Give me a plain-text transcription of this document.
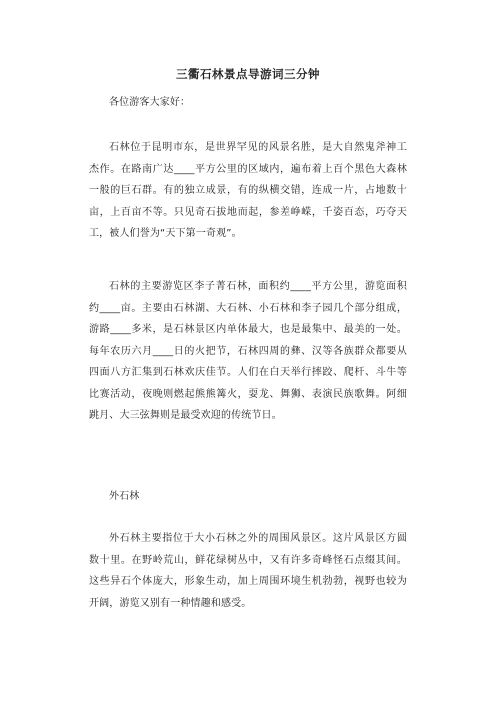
三衢石林景点导游词三分钟
各位游客大家好：
石林位于昆明市东，是世界罕见的风景名胜，是大自然鬼斧神工
杰作。在路南广达____平方公里的区域内，遍布着上百个黑色大森林
一般的巨石群。有的独立成景，有的纵横交错，连成一片，占地数十
亩，上百亩不等。只见奇石拔地而起，参差峥嵘，千姿百态，巧夺天
工，被人们誉为“天下第一奇观”。
石林的主要游览区李子菁石林，面积约____平方公里，游览面积
约____亩。主要由石林湖、大石林、小石林和李子园几个部分组成，
游路____多米，是石林景区内单体最大，也是最集中、最美的一处。
每年农历六月____日的火把节，石林四周的彝、汉等各族群众都要从
四面八方汇集到石林欢庆佳节。人们在白天举行摔跤、爬杆、斗牛等
比赛活动，夜晚则燃起熊熊篝火，耍龙、舞狮、表演民族歌舞。阿细
跳月、大三弦舞则是最受欢迎的传统节日。
外石林
外石林主要指位于大小石林之外的周围风景区。这片风景区方圆
数十里。在野岭荒山，鲜花绿树丛中，又有许多奇峰怪石点缀其间。
这些异石个体庞大，形象生动，加上周围环境生机勃勃，视野也较为
开阔，游览又别有一种情趣和感受。
